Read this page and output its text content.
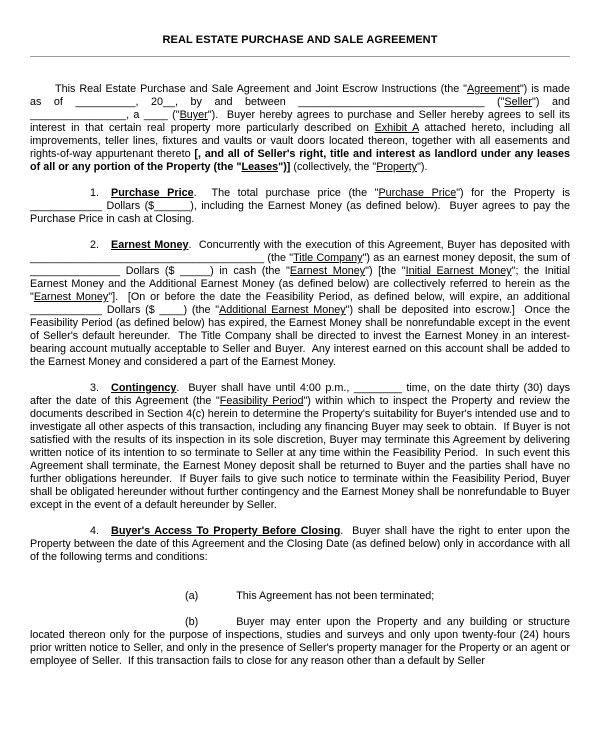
REAL ESTATE PURCHASE AND SALE AGREEMENT
This Real Estate Purchase and Sale Agreement and Joint Escrow Instructions (the "Agreement") is made as of __________, 20__, by and between _______________________________ ("Seller") and ________________, a ____ ("Buyer").  Buyer hereby agrees to purchase and Seller hereby agrees to sell its interest in that certain real property more particularly described on Exhibit A attached hereto, including all improvements, teller lines, fixtures and vaults or vault doors located thereon, together with all easements and rights-of-way appurtenant thereto [, and all of Seller's right, title and interest as landlord under any leases of all or any portion of the Property (the "Leases")] (collectively, the "Property").
1. Purchase Price.  The total purchase price (the "Purchase Price") for the Property is ____________ Dollars ($______), including the Earnest Money (as defined below).  Buyer agrees to pay the Purchase Price in cash at Closing.
2. Earnest Money.  Concurrently with the execution of this Agreement, Buyer has deposited with _______________________________________ (the "Title Company") as an earnest money deposit, the sum of _______________ Dollars ($ _____) in cash (the "Earnest Money") [the "Initial Earnest Money"; the Initial Earnest Money and the Additional Earnest Money (as defined below) are collectively referred to herein as the "Earnest Money"].  [On or before the date the Feasibility Period, as defined below, will expire, an additional ____________ Dollars ($ ____) (the "Additional Earnest Money") shall be deposited into escrow.]  Once the Feasibility Period (as defined below) has expired, the Earnest Money shall be nonrefundable except in the event of Seller's default hereunder.  The Title Company shall be directed to invest the Earnest Money in an interest-bearing account mutually acceptable to Seller and Buyer.  Any interest earned on this account shall be added to the Earnest Money and considered a part of the Earnest Money.
3. Contingency.  Buyer shall have until 4:00 p.m., ________ time, on the date thirty (30) days after the date of this Agreement (the "Feasibility Period") within which to inspect the Property and review the documents described in Section 4(c) herein to determine the Property's suitability for Buyer's intended use and to investigate all other aspects of this transaction, including any financing Buyer may seek to obtain.  If Buyer is not satisfied with the results of its inspection in its sole discretion, Buyer may terminate this Agreement by delivering written notice of its intention to so terminate to Seller at any time within the Feasibility Period.  In such event this Agreement shall terminate, the Earnest Money deposit shall be returned to Buyer and the parties shall have no further obligations hereunder.  If Buyer fails to give such notice to terminate within the Feasibility Period, Buyer shall be obligated hereunder without further contingency and the Earnest Money shall be nonrefundable to Buyer except in the event of a default hereunder by Seller.
4. Buyer's Access To Property Before Closing.  Buyer shall have the right to enter upon the Property between the date of this Agreement and the Closing Date (as defined below) only in accordance with all of the following terms and conditions:
(a)	This Agreement has not been terminated;
(b)	Buyer may enter upon the Property and any building or structure located thereon only for the purpose of inspections, studies and surveys and only upon twenty-four (24) hours prior written notice to Seller, and only in the presence of Seller's property manager for the Property or an agent or employee of Seller.  If this transaction fails to close for any reason other than a default by Seller
